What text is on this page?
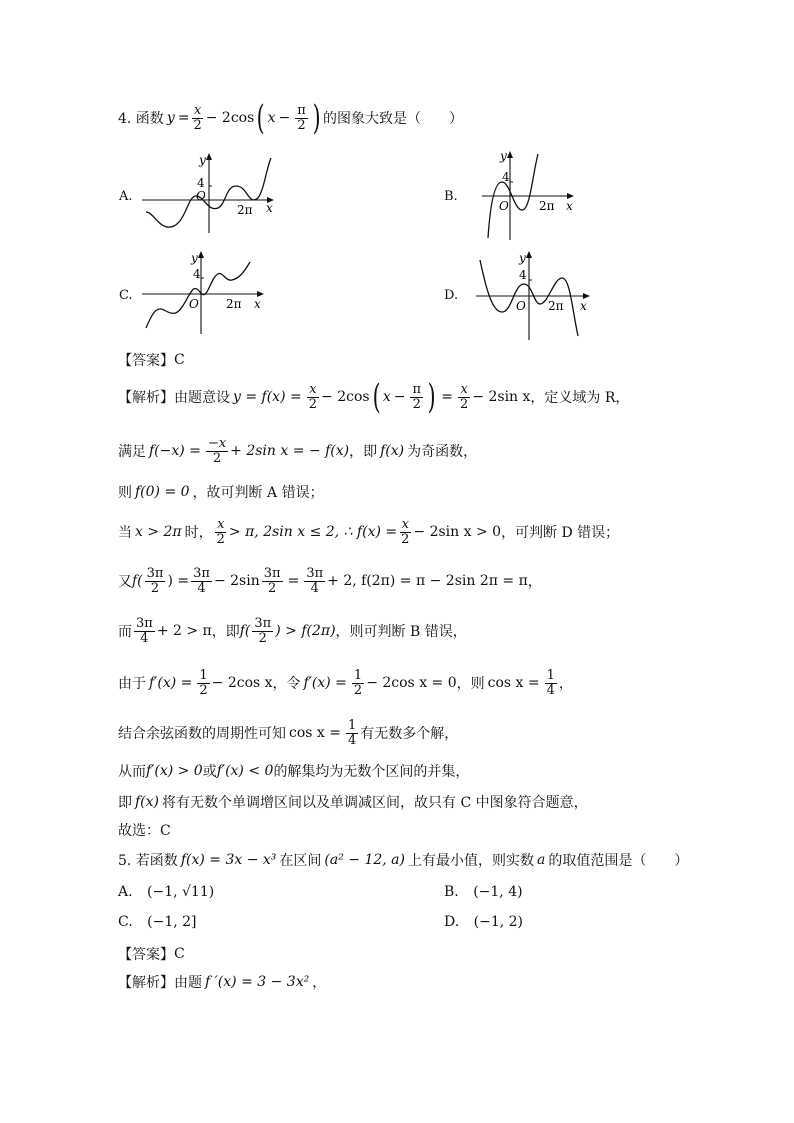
4. 函数 $y = \frac{x}{2} - 2\cos$ ( $x - \frac{\pi}{2}$ ) 的图象大致是（　　）
A.
y
4
O
2π x
B.
y
4
O	2π x
C.
y
4
O 2π x
D.
y
4
O 2π x
【答案】 C
【解析】 由题意设 $y = f(x) = \frac{x}{2} - 2\cos$ ( $x - \frac{\pi}{2}$ ) = $\frac{x}{2} - 2\sin$ x ，定义域为 R，
满足 $f(-x) = \frac{-x}{2} + 2\sin$ x = − f(x) ，即 f(x) 为奇函数，
则 f(0) = 0 ，故可判断 A 错误；
当 x > 2π 时， $\frac{x}{2} > \pi$, 2sin x ≤ 2, ∴ $f(x) = \frac{x}{2} - 2\sin$ x > 0 ，可判断 D 错误；
又 $f( \frac{3\pi}{2}$ ) = $\frac{3\pi}{4} - 2\sin \frac{3\pi}{2} = \frac{3\pi}{4} + 2$, f(2π) = π − 2sin 2π = π ，
而 $\frac{3\pi}{4} + 2 > \pi$ ，即 $f( \frac{3\pi}{2}$ ) > f(2π) ，则可判断 B 错误，
由于 $f'(x) = \frac{1}{2} - 2\cos$ x ，令 $f'(x) = \frac{1}{2} - 2\cos$ x = 0 ，则 $\cos x = \frac{1}{4}$ ，
结合余弦函数的周期性可知 $\cos x = \frac{1}{4}$ 有无数多个解，
从而 f′(x) > 0 或 f′(x) < 0 的解集均为无数个区间的并集，
即 f(x) 将有无数个单调增区间以及单调减区间，故只有 C 中图象符合题意，
故选：C
5. 若函数 f(x) = 3x − x³ 在区间 (a² − 12, a) 上有最小值，则实数 a 的取值范围是（　　）
A. (−1, √11)	B. (−1, 4)
C. (−1, 2]	D. (−1, 2)
【答案】 C
【解析】 由题 f ′(x) = 3 − 3x² ，
